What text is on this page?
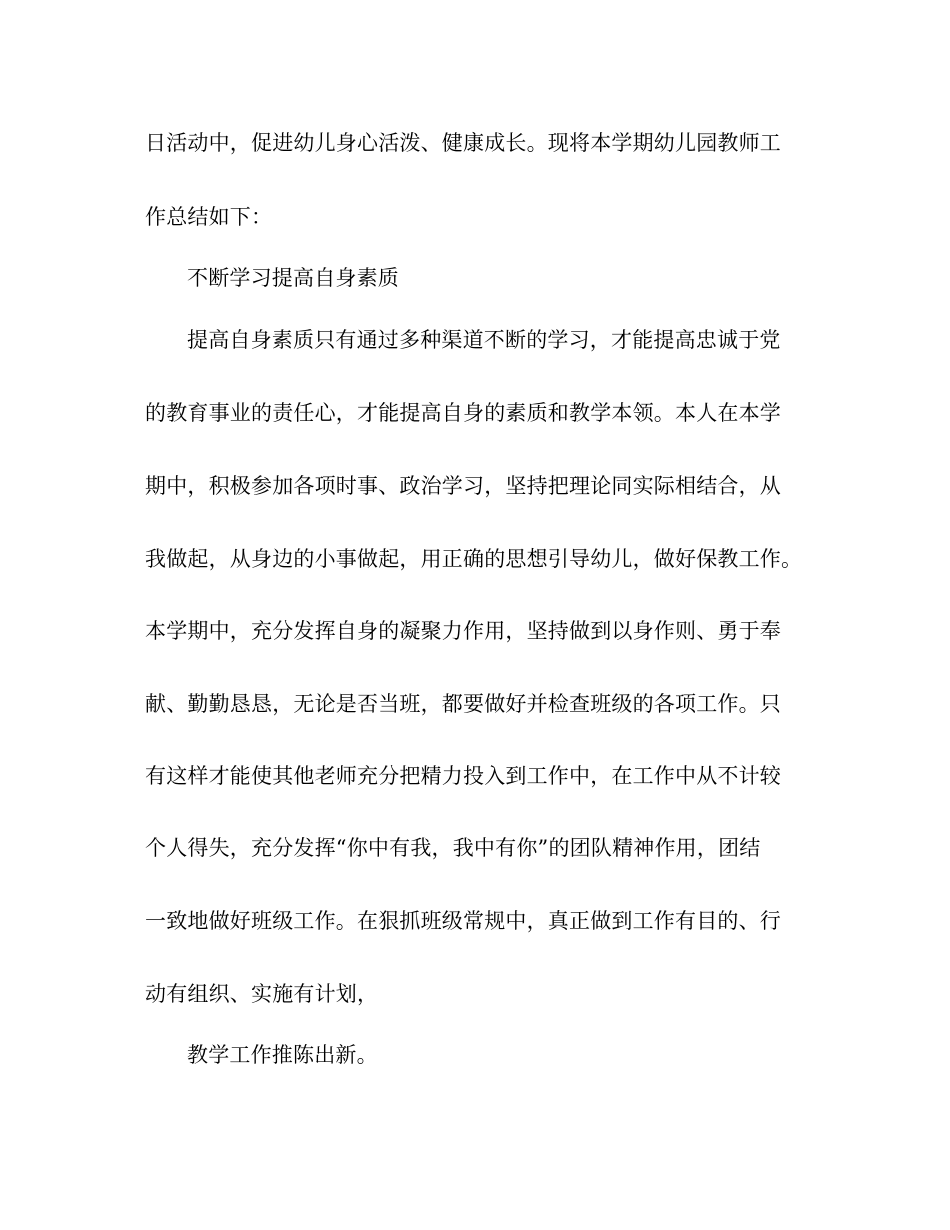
日活动中，促进幼儿身心活泼、健康成长。现将本学期幼儿园教师工
作总结如下：
不断学习提高自身素质
提高自身素质只有通过多种渠道不断的学习，才能提高忠诚于党
的教育事业的责任心，才能提高自身的素质和教学本领。本人在本学
期中，积极参加各项时事、政治学习，坚持把理论同实际相结合，从
我做起，从身边的小事做起，用正确的思想引导幼儿，做好保教工作。
本学期中，充分发挥自身的凝聚力作用，坚持做到以身作则、勇于奉
献、勤勤恳恳，无论是否当班，都要做好并检查班级的各项工作。只
有这样才能使其他老师充分把精力投入到工作中，在工作中从不计较
个人得失，充分发挥“你中有我，我中有你”的团队精神作用，团结
一致地做好班级工作。在狠抓班级常规中，真正做到工作有目的、行
动有组织、实施有计划，
教学工作推陈出新。
